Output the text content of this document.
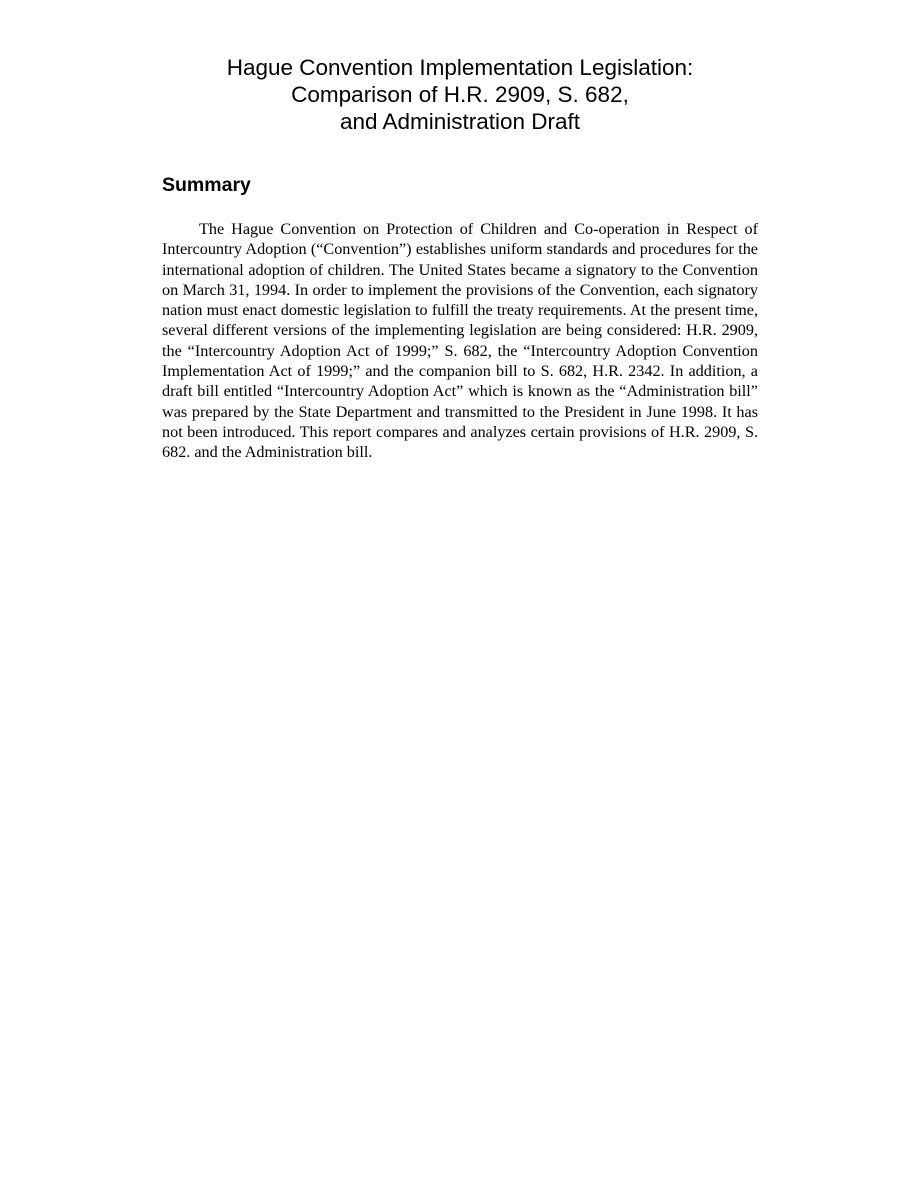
Hague Convention Implementation Legislation:
Comparison of H.R. 2909, S. 682,
and Administration Draft
Summary

The Hague Convention on Protection of Children and Co-operation in Respect of Intercountry Adoption (“Convention”) establishes uniform standards and procedures for the international adoption of children. The United States became a signatory to the Convention on March 31, 1994. In order to implement the provisions of the Convention, each signatory nation must enact domestic legislation to fulfill the treaty requirements. At the present time, several different versions of the implementing legislation are being considered: H.R. 2909, the “Intercountry Adoption Act of 1999;” S. 682, the “Intercountry Adoption Convention Implementation Act of 1999;” and the companion bill to S. 682, H.R. 2342. In addition, a draft bill entitled “Intercountry Adoption Act” which is known as the “Administration bill” was prepared by the State Department and transmitted to the President in June 1998. It has not been introduced. This report compares and analyzes certain provisions of H.R. 2909, S. 682. and the Administration bill.
